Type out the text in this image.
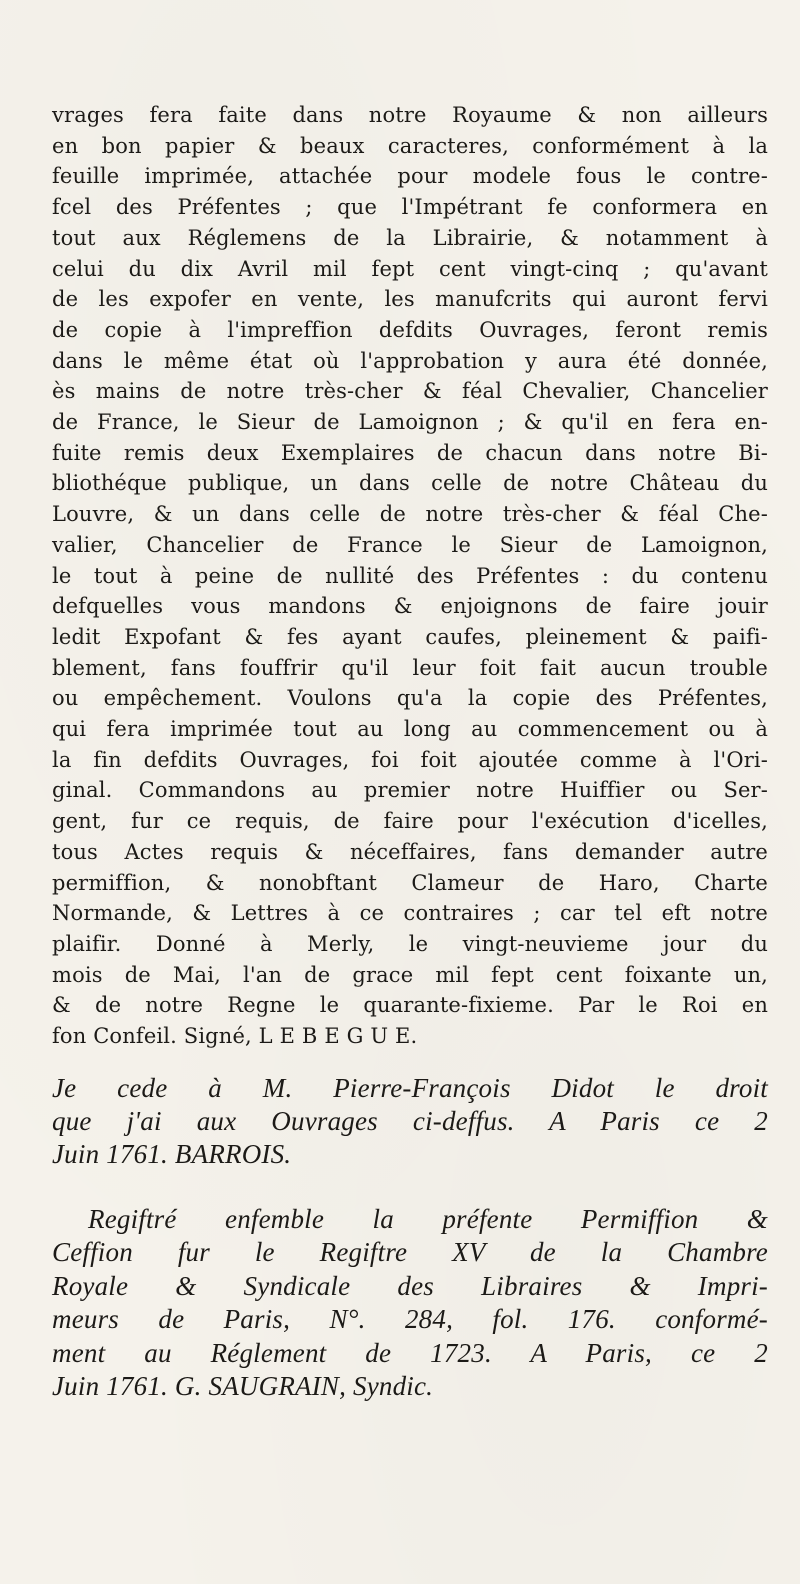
vrages fera faite dans notre Royaume & non ailleurs
en bon papier & beaux caracteres, conformément à la
feuille imprimée, attachée pour modele fous le contre-
fcel des Préfentes ; que l'Impétrant fe conformera en
tout aux Réglemens de la Librairie, & notamment à
celui du dix Avril mil fept cent vingt-cinq ; qu'avant
de les expofer en vente, les manufcrits qui auront fervi
de copie à l'impreffion defdits Ouvrages, feront remis
dans le même état où l'approbation y aura été donnée,
ès mains de notre très-cher & féal Chevalier, Chancelier
de France, le Sieur de Lamoignon ; & qu'il en fera en-
fuite remis deux Exemplaires de chacun dans notre Bi-
bliothéque publique, un dans celle de notre Château du
Louvre, & un dans celle de notre très-cher & féal Che-
valier, Chancelier de France le Sieur de Lamoignon,
le tout à peine de nullité des Préfentes : du contenu
defquelles vous mandons & enjoignons de faire jouir
ledit Expofant & fes ayant caufes, pleinement & paifi-
blement, fans fouffrir qu'il leur foit fait aucun trouble
ou empêchement. Voulons qu'a la copie des Préfentes,
qui fera imprimée tout au long au commencement ou à
la fin defdits Ouvrages, foi foit ajoutée comme à l'Ori-
ginal. Commandons au premier notre Huiffier ou Ser-
gent, fur ce requis, de faire pour l'exécution d'icelles,
tous Actes requis & néceffaires, fans demander autre
permiffion, & nonobftant Clameur de Haro, Charte
Normande, & Lettres à ce contraires ; car tel eft notre
plaifir. Donné à Merly, le vingt-neuvieme jour du
mois de Mai, l'an de grace mil fept cent foixante un,
& de notre Regne le quarante-fixieme. Par le Roi en
fon Confeil. Signé, L E B E G U E.
Je cede à M. Pierre-François Didot le droit
que j'ai aux Ouvrages ci-deffus. A Paris ce 2
Juin 1761. BARROIS.
Regiftré enfemble la préfente Permiffion &
Ceffion fur le Regiftre XV de la Chambre
Royale & Syndicale des Libraires & Impri-
meurs de Paris, N°. 284, fol. 176. conformé-
ment au Réglement de 1723. A Paris, ce 2
Juin 1761. G. SAUGRAIN, Syndic.
